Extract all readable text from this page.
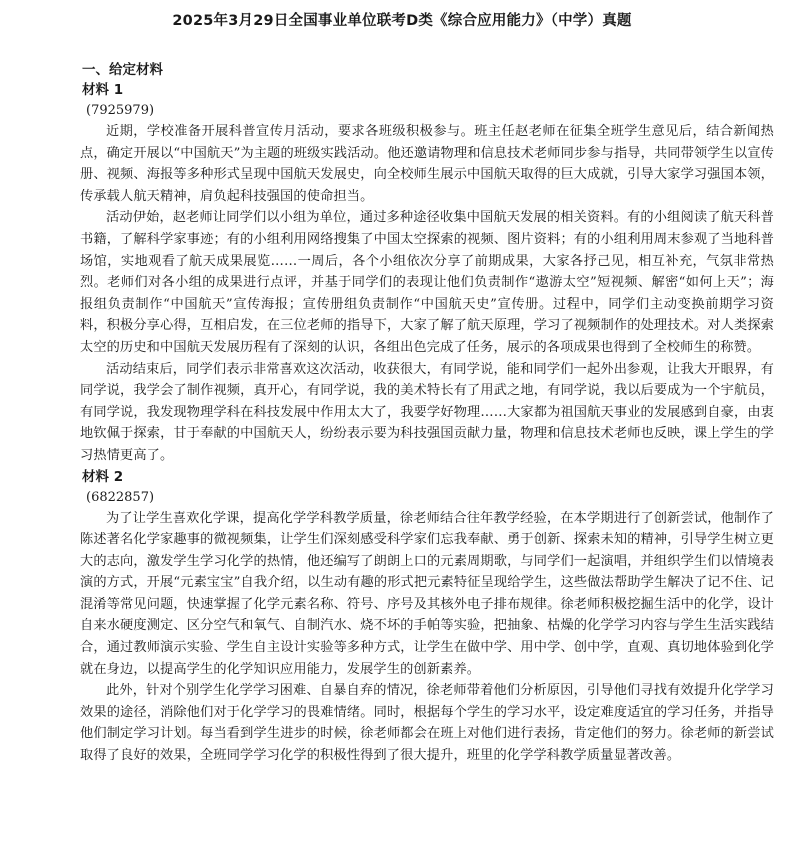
2025年3月29日全国事业单位联考D类《综合应用能力》（中学）真题
一、给定材料
材料 1
(7925979)

近期，学校准备开展科普宣传月活动，要求各班级积极参与。班主任赵老师在征集全班学生意见后，结合新闻热点，确定开展以“中国航天”为主题的班级实践活动。他还邀请物理和信息技术老师同步参与指导，共同带领学生以宣传册、视频、海报等多种形式呈现中国航天发展史，向全校师生展示中国航天取得的巨大成就，引导大家学习强国本领，传承载人航天精神，肩负起科技强国的使命担当。

活动伊始，赵老师让同学们以小组为单位，通过多种途径收集中国航天发展的相关资料。有的小组阅读了航天科普书籍，了解科学家事迹；有的小组利用网络搜集了中国太空探索的视频、图片资料；有的小组利用周末参观了当地科普场馆，实地观看了航天成果展览……一周后，各个小组依次分享了前期成果，大家各抒己见，相互补充，气氛非常热烈。老师们对各小组的成果进行点评，并基于同学们的表现让他们负责制作“遨游太空”短视频、解密“如何上天”；海报组负责制作“中国航天”宣传海报；宣传册组负责制作“中国航天史”宣传册。过程中，同学们主动变换前期学习资料，积极分享心得，互相启发，在三位老师的指导下，大家了解了航天原理，学习了视频制作的处理技术。对人类探索太空的历史和中国航天发展历程有了深刻的认识，各组出色完成了任务，展示的各项成果也得到了全校师生的称赞。

活动结束后，同学们表示非常喜欢这次活动，收获很大，有同学说，能和同学们一起外出参观，让我大开眼界，有同学说，我学会了制作视频，真开心，有同学说，我的美术特长有了用武之地，有同学说，我以后要成为一个宇航员，有同学说，我发现物理学科在科技发展中作用太大了，我要学好物理……大家都为祖国航天事业的发展感到自豪，由衷地钦佩于探索，甘于奉献的中国航天人，纷纷表示要为科技强国贡献力量，物理和信息技术老师也反映，课上学生的学习热情更高了。

材料 2
(6822857)

为了让学生喜欢化学课，提高化学学科教学质量，徐老师结合往年教学经验，在本学期进行了创新尝试，他制作了陈述著名化学家趣事的微视频集，让学生们深刻感受科学家们忘我奉献、勇于创新、探索未知的精神，引导学生树立更大的志向，激发学生学习化学的热情，他还编写了朗朗上口的元素周期歌，与同学们一起演唱，并组织学生们以情境表演的方式，开展“元素宝宝”自我介绍，以生动有趣的形式把元素特征呈现给学生，这些做法帮助学生解决了记不住、记混淆等常见问题，快速掌握了化学元素名称、符号、序号及其核外电子排布规律。徐老师积极挖掘生活中的化学，设计自来水硬度测定、区分空气和氧气、自制汽水、烧不坏的手帕等实验，把抽象、枯燥的化学学习内容与学生生活实践结合，通过教师演示实验、学生自主设计实验等多种方式，让学生在做中学、用中学、创中学，直观、真切地体验到化学就在身边，以提高学生的化学知识应用能力，发展学生的创新素养。

此外，针对个别学生化学学习困难、自暴自弃的情况，徐老师带着他们分析原因，引导他们寻找有效提升化学学习效果的途径，消除他们对于化学学习的畏难情绪。同时，根据每个学生的学习水平，设定难度适宜的学习任务，并指导他们制定学习计划。每当看到学生进步的时候，徐老师都会在班上对他们进行表扬，肯定他们的努力。徐老师的新尝试取得了良好的效果，全班同学学习化学的积极性得到了很大提升，班里的化学学科教学质量显著改善。
